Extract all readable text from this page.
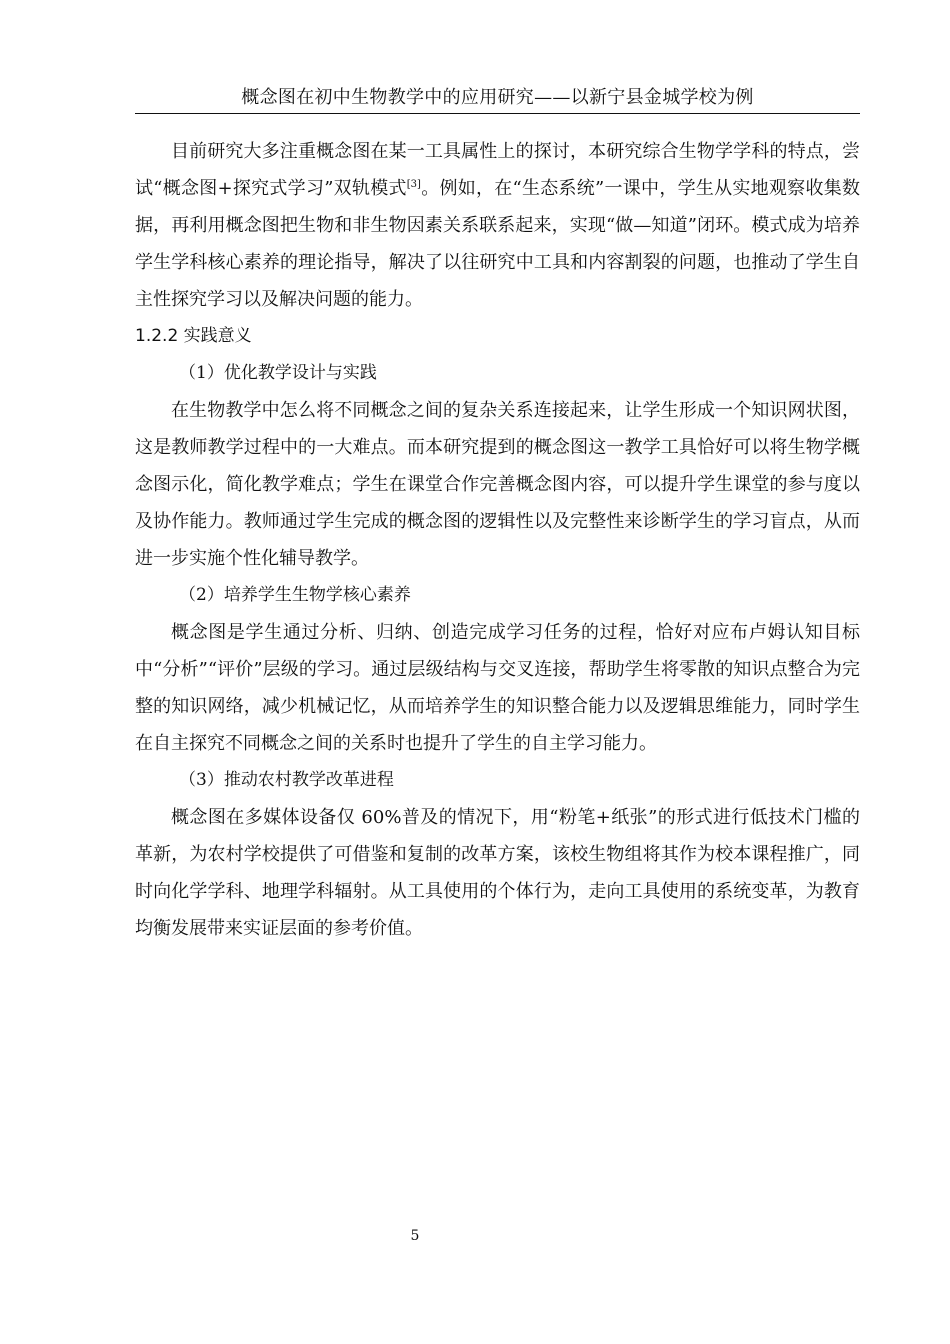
概念图在初中生物教学中的应用研究——以新宁县金城学校为例

目前研究大多注重概念图在某一工具属性上的探讨，本研究综合生物学学科的特点，尝试“概念图+探究式学习”双轨模式[3]。例如，在“生态系统”一课中，学生从实地观察收集数据，再利用概念图把生物和非生物因素关系联系起来，实现“做—知道”闭环。模式成为培养学生学科核心素养的理论指导，解决了以往研究中工具和内容割裂的问题，也推动了学生自主性探究学习以及解决问题的能力。

1.2.2 实践意义

（1）优化教学设计与实践

在生物教学中怎么将不同概念之间的复杂关系连接起来，让学生形成一个知识网状图，这是教师教学过程中的一大难点。而本研究提到的概念图这一教学工具恰好可以将生物学概念图示化，简化教学难点；学生在课堂合作完善概念图内容，可以提升学生课堂的参与度以及协作能力。教师通过学生完成的概念图的逻辑性以及完整性来诊断学生的学习盲点，从而进一步实施个性化辅导教学。

（2）培养学生生物学核心素养

概念图是学生通过分析、归纳、创造完成学习任务的过程，恰好对应布卢姆认知目标中“分析”“评价”层级的学习。通过层级结构与交叉连接，帮助学生将零散的知识点整合为完整的知识网络，减少机械记忆，从而培养学生的知识整合能力以及逻辑思维能力，同时学生在自主探究不同概念之间的关系时也提升了学生的自主学习能力。

（3）推动农村教学改革进程

概念图在多媒体设备仅 60%普及的情况下，用“粉笔+纸张”的形式进行低技术门槛的革新，为农村学校提供了可借鉴和复制的改革方案，该校生物组将其作为校本课程推广，同时向化学学科、地理学科辐射。从工具使用的个体行为，走向工具使用的系统变革，为教育均衡发展带来实证层面的参考价值。

5
